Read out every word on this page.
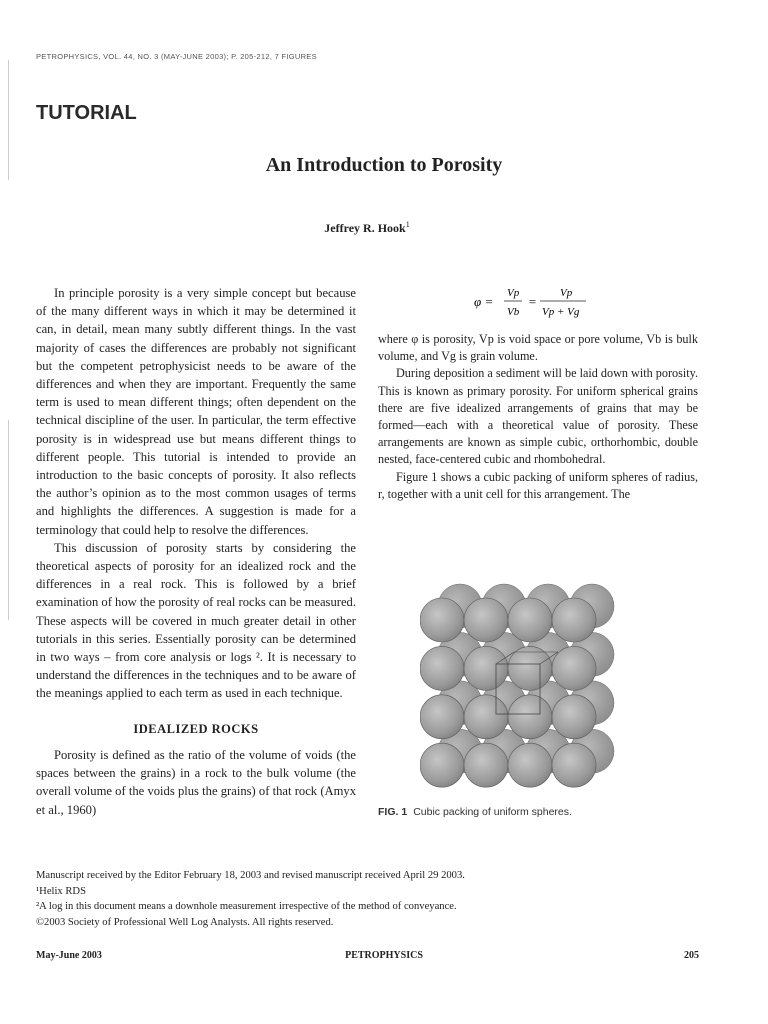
PETROPHYSICS, VOL. 44, NO. 3 (MAY-JUNE 2003); P. 205-212, 7 FIGURES
TUTORIAL
An Introduction to Porosity
Jeffrey R. Hook$^1$

In principle porosity is a very simple concept but because of the many different ways in which it may be determined it can, in detail, mean many subtly different things. In the vast majority of cases the differences are probably not significant but the competent petrophysicist needs to be aware of the differences and when they are important. Frequently the same term is used to mean different things; often dependent on the technical discipline of the user. In particular, the term effective porosity is in widespread use but means different things to different people. This tutorial is intended to provide an introduction to the basic concepts of porosity. It also reflects the author’s opinion as to the most common usages of terms and highlights the differences. A suggestion is made for a terminology that could help to resolve the differences.

This discussion of porosity starts by considering the theoretical aspects of porosity for an idealized rock and the differences in a real rock. This is followed by a brief examination of how the porosity of real rocks can be measured. These aspects will be covered in much greater detail in other tutorials in this series. Essentially porosity can be determined in two ways – from core analysis or logs ². It is necessary to understand the differences in the techniques and to be aware of the meanings applied to each term as used in each technique.

IDEALIZED ROCKS

Porosity is defined as the ratio of the volume of voids (the spaces between the grains) in a rock to the bulk volume (the overall volume of the voids plus the grains) of that rock (Amyx et al., 1960)

φ =
Vp
Vb
=
Vp
Vp + Vg

where φ is porosity, Vp is void space or pore volume, Vb is bulk volume, and Vg is grain volume.

During deposition a sediment will be laid down with porosity. This is known as primary porosity. For uniform spherical grains there are five idealized arrangements of grains that may be formed—each with a theoretical value of porosity. These arrangements are known as simple cubic, orthorhombic, double nested, face-centered cubic and rhombohedral.

Figure 1 shows a cubic packing of uniform spheres of radius, r, together with a unit cell for this arrangement. The

FIG. 1 Cubic packing of uniform spheres.
Manuscript received by the Editor February 18, 2003 and revised manuscript received April 29 2003.
¹Helix RDS
²A log in this document means a downhole measurement irrespective of the method of conveyance.
©2003 Society of Professional Well Log Analysts. All rights reserved.
May-June 2003	PETROPHYSICS	205
